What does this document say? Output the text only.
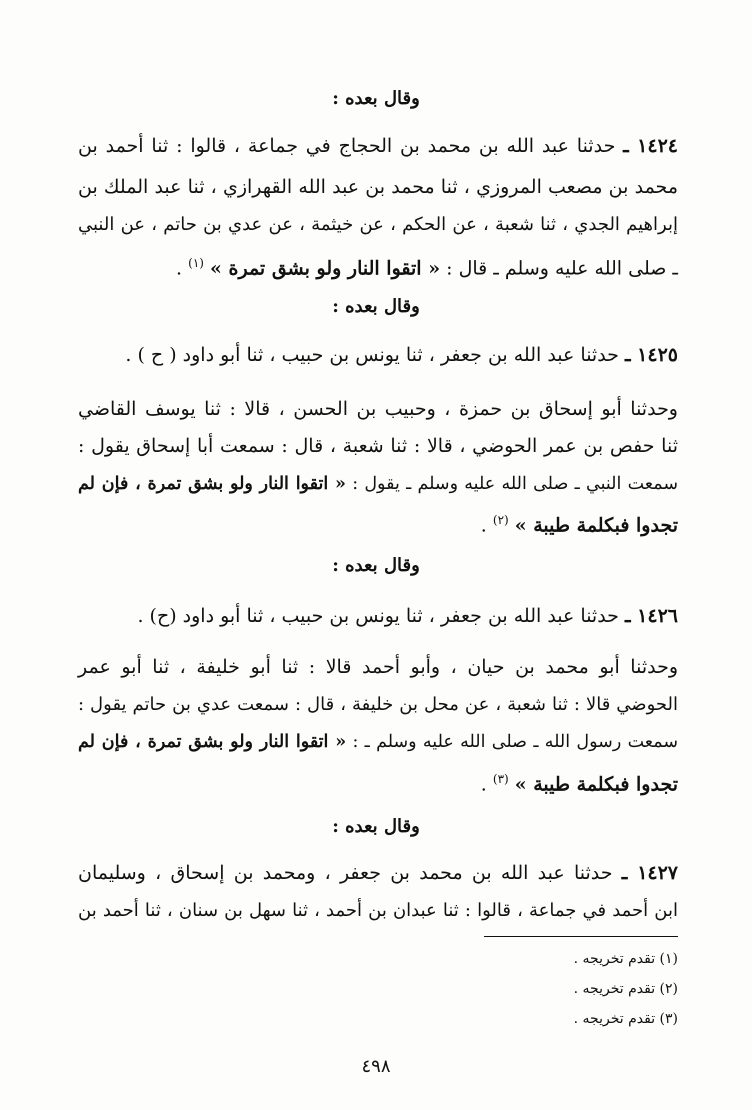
وقال بعده :
١٤٢٤ ـ حدثنا عبد الله بن محمد بن الحجاج في جماعة ، قالوا : ثنا أحمد بن
محمد بن مصعب المروزي ، ثنا محمد بن عبد الله القهرازي ، ثنا عبد الملك بن
إبراهيم الجدي ، ثنا شعبة ، عن الحكم ، عن خيثمة ، عن عدي بن حاتم ، عن النبي
ـ صلى الله عليه وسلم ـ قال : « اتقوا النار ولو بشق تمرة » $^{(١)}$ .
وقال بعده :
١٤٢٥ ـ حدثنا عبد الله بن جعفر ، ثنا يونس بن حبيب ، ثنا أبو داود ( ح ) .
وحدثنا أبو إسحاق بن حمزة ، وحبيب بن الحسن ، قالا : ثنا يوسف القاضي
ثنا حفص بن عمر الحوضي ، قالا : ثنا شعبة ، قال : سمعت أبا إسحاق يقول :
سمعت النبي ـ صلى الله عليه وسلم ـ يقول : « اتقوا النار ولو بشق تمرة ، فإن لم
تجدوا فبكلمة طيبة » $^{(٢)}$ .
وقال بعده :
١٤٢٦ ـ حدثنا عبد الله بن جعفر ، ثنا يونس بن حبيب ، ثنا أبو داود (ح) .
وحدثنا أبو محمد بن حيان ، وأبو أحمد قالا : ثنا أبو خليفة ، ثنا أبو عمر
الحوضي قالا : ثنا شعبة ، عن محل بن خليفة ، قال : سمعت عدي بن حاتم يقول :
سمعت رسول الله ـ صلى الله عليه وسلم ـ : « اتقوا النار ولو بشق تمرة ، فإن لم
تجدوا فبكلمة طيبة » $^{(٣)}$ .
وقال بعده :
١٤٢٧ ـ حدثنا عبد الله بن محمد بن جعفر ، ومحمد بن إسحاق ، وسليمان
ابن أحمد في جماعة ، قالوا : ثنا عبدان بن أحمد ، ثنا سهل بن سنان ، ثنا أحمد بن
(١) تقدم تخريجه .
(٢) تقدم تخريجه .
(٣) تقدم تخريجه .
٤٩٨
